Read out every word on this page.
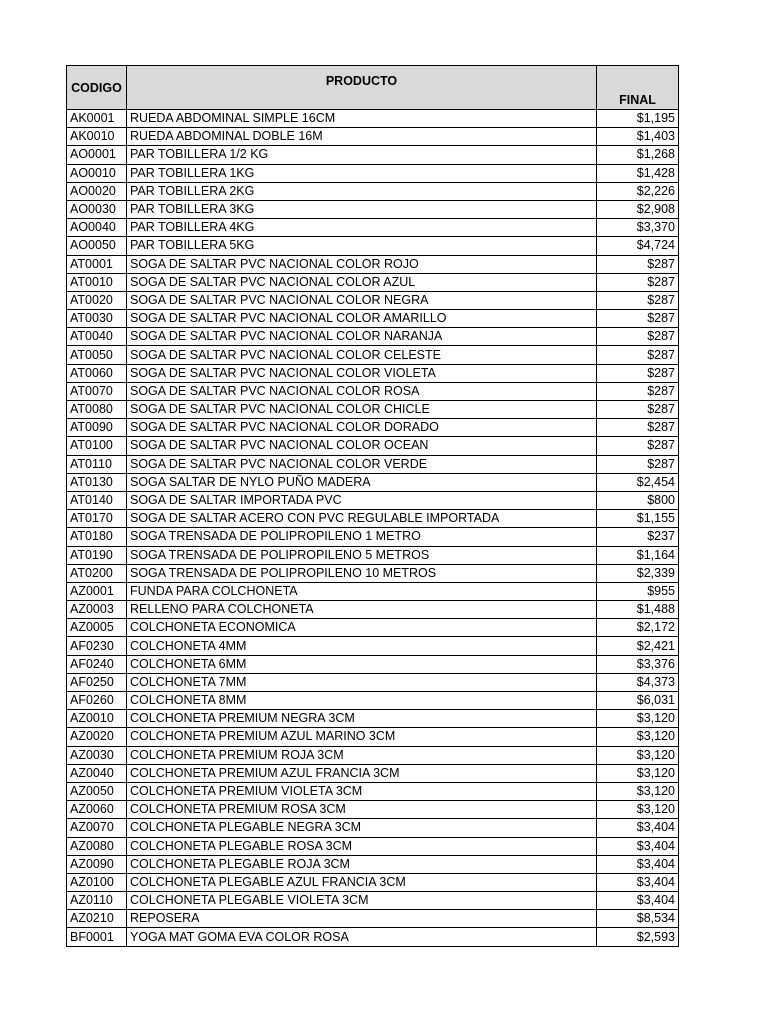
CODIGO	PRODUCTO	FINAL
AK0001	RUEDA ABDOMINAL SIMPLE 16CM	$1,195
AK0010	RUEDA ABDOMINAL DOBLE 16M	$1,403
AO0001	PAR TOBILLERA 1/2 KG	$1,268
AO0010	PAR TOBILLERA 1KG	$1,428
AO0020	PAR TOBILLERA 2KG	$2,226
AO0030	PAR TOBILLERA 3KG	$2,908
AO0040	PAR TOBILLERA 4KG	$3,370
AO0050	PAR TOBILLERA 5KG	$4,724
AT0001	SOGA DE SALTAR PVC NACIONAL COLOR ROJO	$287
AT0010	SOGA DE SALTAR PVC NACIONAL COLOR AZUL	$287
AT0020	SOGA DE SALTAR PVC NACIONAL COLOR NEGRA	$287
AT0030	SOGA DE SALTAR PVC NACIONAL COLOR AMARILLO	$287
AT0040	SOGA DE SALTAR PVC NACIONAL COLOR NARANJA	$287
AT0050	SOGA DE SALTAR PVC NACIONAL COLOR CELESTE	$287
AT0060	SOGA DE SALTAR PVC NACIONAL COLOR VIOLETA	$287
AT0070	SOGA DE SALTAR PVC NACIONAL COLOR ROSA	$287
AT0080	SOGA DE SALTAR PVC NACIONAL COLOR CHICLE	$287
AT0090	SOGA DE SALTAR PVC NACIONAL COLOR DORADO	$287
AT0100	SOGA DE SALTAR PVC NACIONAL COLOR OCEAN	$287
AT0110	SOGA DE SALTAR PVC NACIONAL COLOR VERDE	$287
AT0130	SOGA SALTAR DE NYLO PUÑO MADERA	$2,454
AT0140	SOGA DE SALTAR IMPORTADA PVC	$800
AT0170	SOGA DE SALTAR ACERO CON PVC REGULABLE IMPORTADA	$1,155
AT0180	SOGA TRENSADA DE POLIPROPILENO 1 METRO	$237
AT0190	SOGA TRENSADA DE POLIPROPILENO 5 METROS	$1,164
AT0200	SOGA TRENSADA DE POLIPROPILENO 10 METROS	$2,339
AZ0001	FUNDA PARA COLCHONETA	$955
AZ0003	RELLENO PARA COLCHONETA	$1,488
AZ0005	COLCHONETA ECONOMICA	$2,172
AF0230	COLCHONETA 4MM	$2,421
AF0240	COLCHONETA 6MM	$3,376
AF0250	COLCHONETA 7MM	$4,373
AF0260	COLCHONETA 8MM	$6,031
AZ0010	COLCHONETA PREMIUM NEGRA 3CM	$3,120
AZ0020	COLCHONETA PREMIUM AZUL MARINO 3CM	$3,120
AZ0030	COLCHONETA PREMIUM ROJA 3CM	$3,120
AZ0040	COLCHONETA PREMIUM AZUL FRANCIA 3CM	$3,120
AZ0050	COLCHONETA PREMIUM VIOLETA 3CM	$3,120
AZ0060	COLCHONETA PREMIUM ROSA 3CM	$3,120
AZ0070	COLCHONETA PLEGABLE NEGRA 3CM	$3,404
AZ0080	COLCHONETA PLEGABLE ROSA 3CM	$3,404
AZ0090	COLCHONETA PLEGABLE ROJA 3CM	$3,404
AZ0100	COLCHONETA PLEGABLE AZUL FRANCIA 3CM	$3,404
AZ0110	COLCHONETA PLEGABLE VIOLETA 3CM	$3,404
AZ0210	REPOSERA	$8,534
BF0001	YOGA MAT GOMA EVA COLOR ROSA	$2,593
